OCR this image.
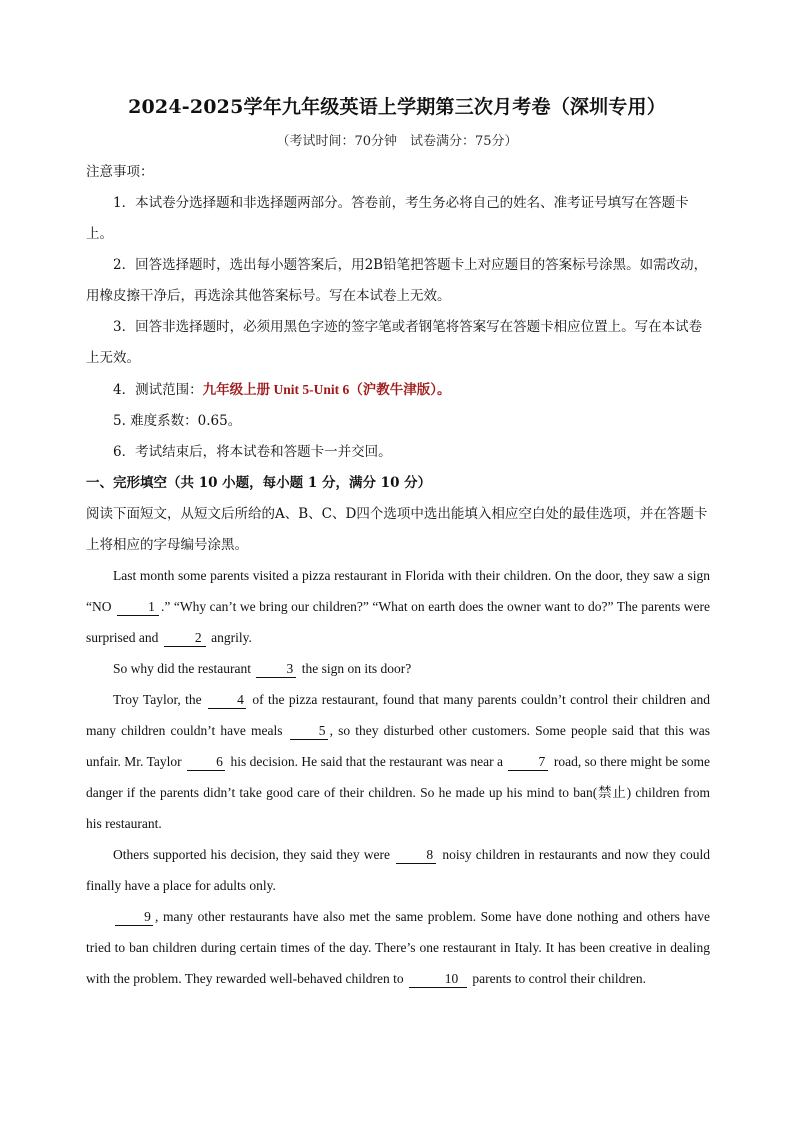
2024-2025学年九年级英语上学期第三次月考卷（深圳专用）
（考试时间：70分钟　试卷满分：75分）

注意事项：

1．本试卷分选择题和非选择题两部分。答卷前，考生务必将自己的姓名、准考证号填写在答题卡上。

2．回答选择题时，选出每小题答案后，用2B铅笔把答题卡上对应题目的答案标号涂黑。如需改动，用橡皮擦干净后，再选涂其他答案标号。写在本试卷上无效。

3．回答非选择题时，必须用黑色字迹的签字笔或者钢笔将答案写在答题卡相应位置上。写在本试卷上无效。

4．测试范围：九年级上册 Unit 5-Unit 6（沪教牛津版）。

5. 难度系数：0.65。

6．考试结束后，将本试卷和答题卡一并交回。

一、完形填空（共 10 小题，每小题 1 分，满分 10 分）

阅读下面短文，从短文后所给的A、B、C、D四个选项中选出能填入相应空白处的最佳选项，并在答题卡上将相应的字母编号涂黑。

Last month some parents visited a pizza restaurant in Florida with their children. On the door, they saw a sign “NO 1 .” “Why can’t we bring our children?” “What on earth does the owner want to do?” The parents were surprised and 2 angrily.

So why did the restaurant 3 the sign on its door?

Troy Taylor, the 4 of the pizza restaurant, found that many parents couldn’t control their children and many children couldn’t have meals 5 , so they disturbed other customers. Some people said that this was unfair. Mr. Taylor 6 his decision. He said that the restaurant was near a 7 road, so there might be some danger if the parents didn’t take good care of their children. So he made up his mind to ban(禁止) children from his restaurant.

Others supported his decision, they said they were 8 noisy children in restaurants and now they could finally have a place for adults only.

9 , many other restaurants have also met the same problem. Some have done nothing and others have tried to ban children during certain times of the day. There’s one restaurant in Italy. It has been creative in dealing with the problem. They rewarded well-behaved children to	10 parents to control their children.
